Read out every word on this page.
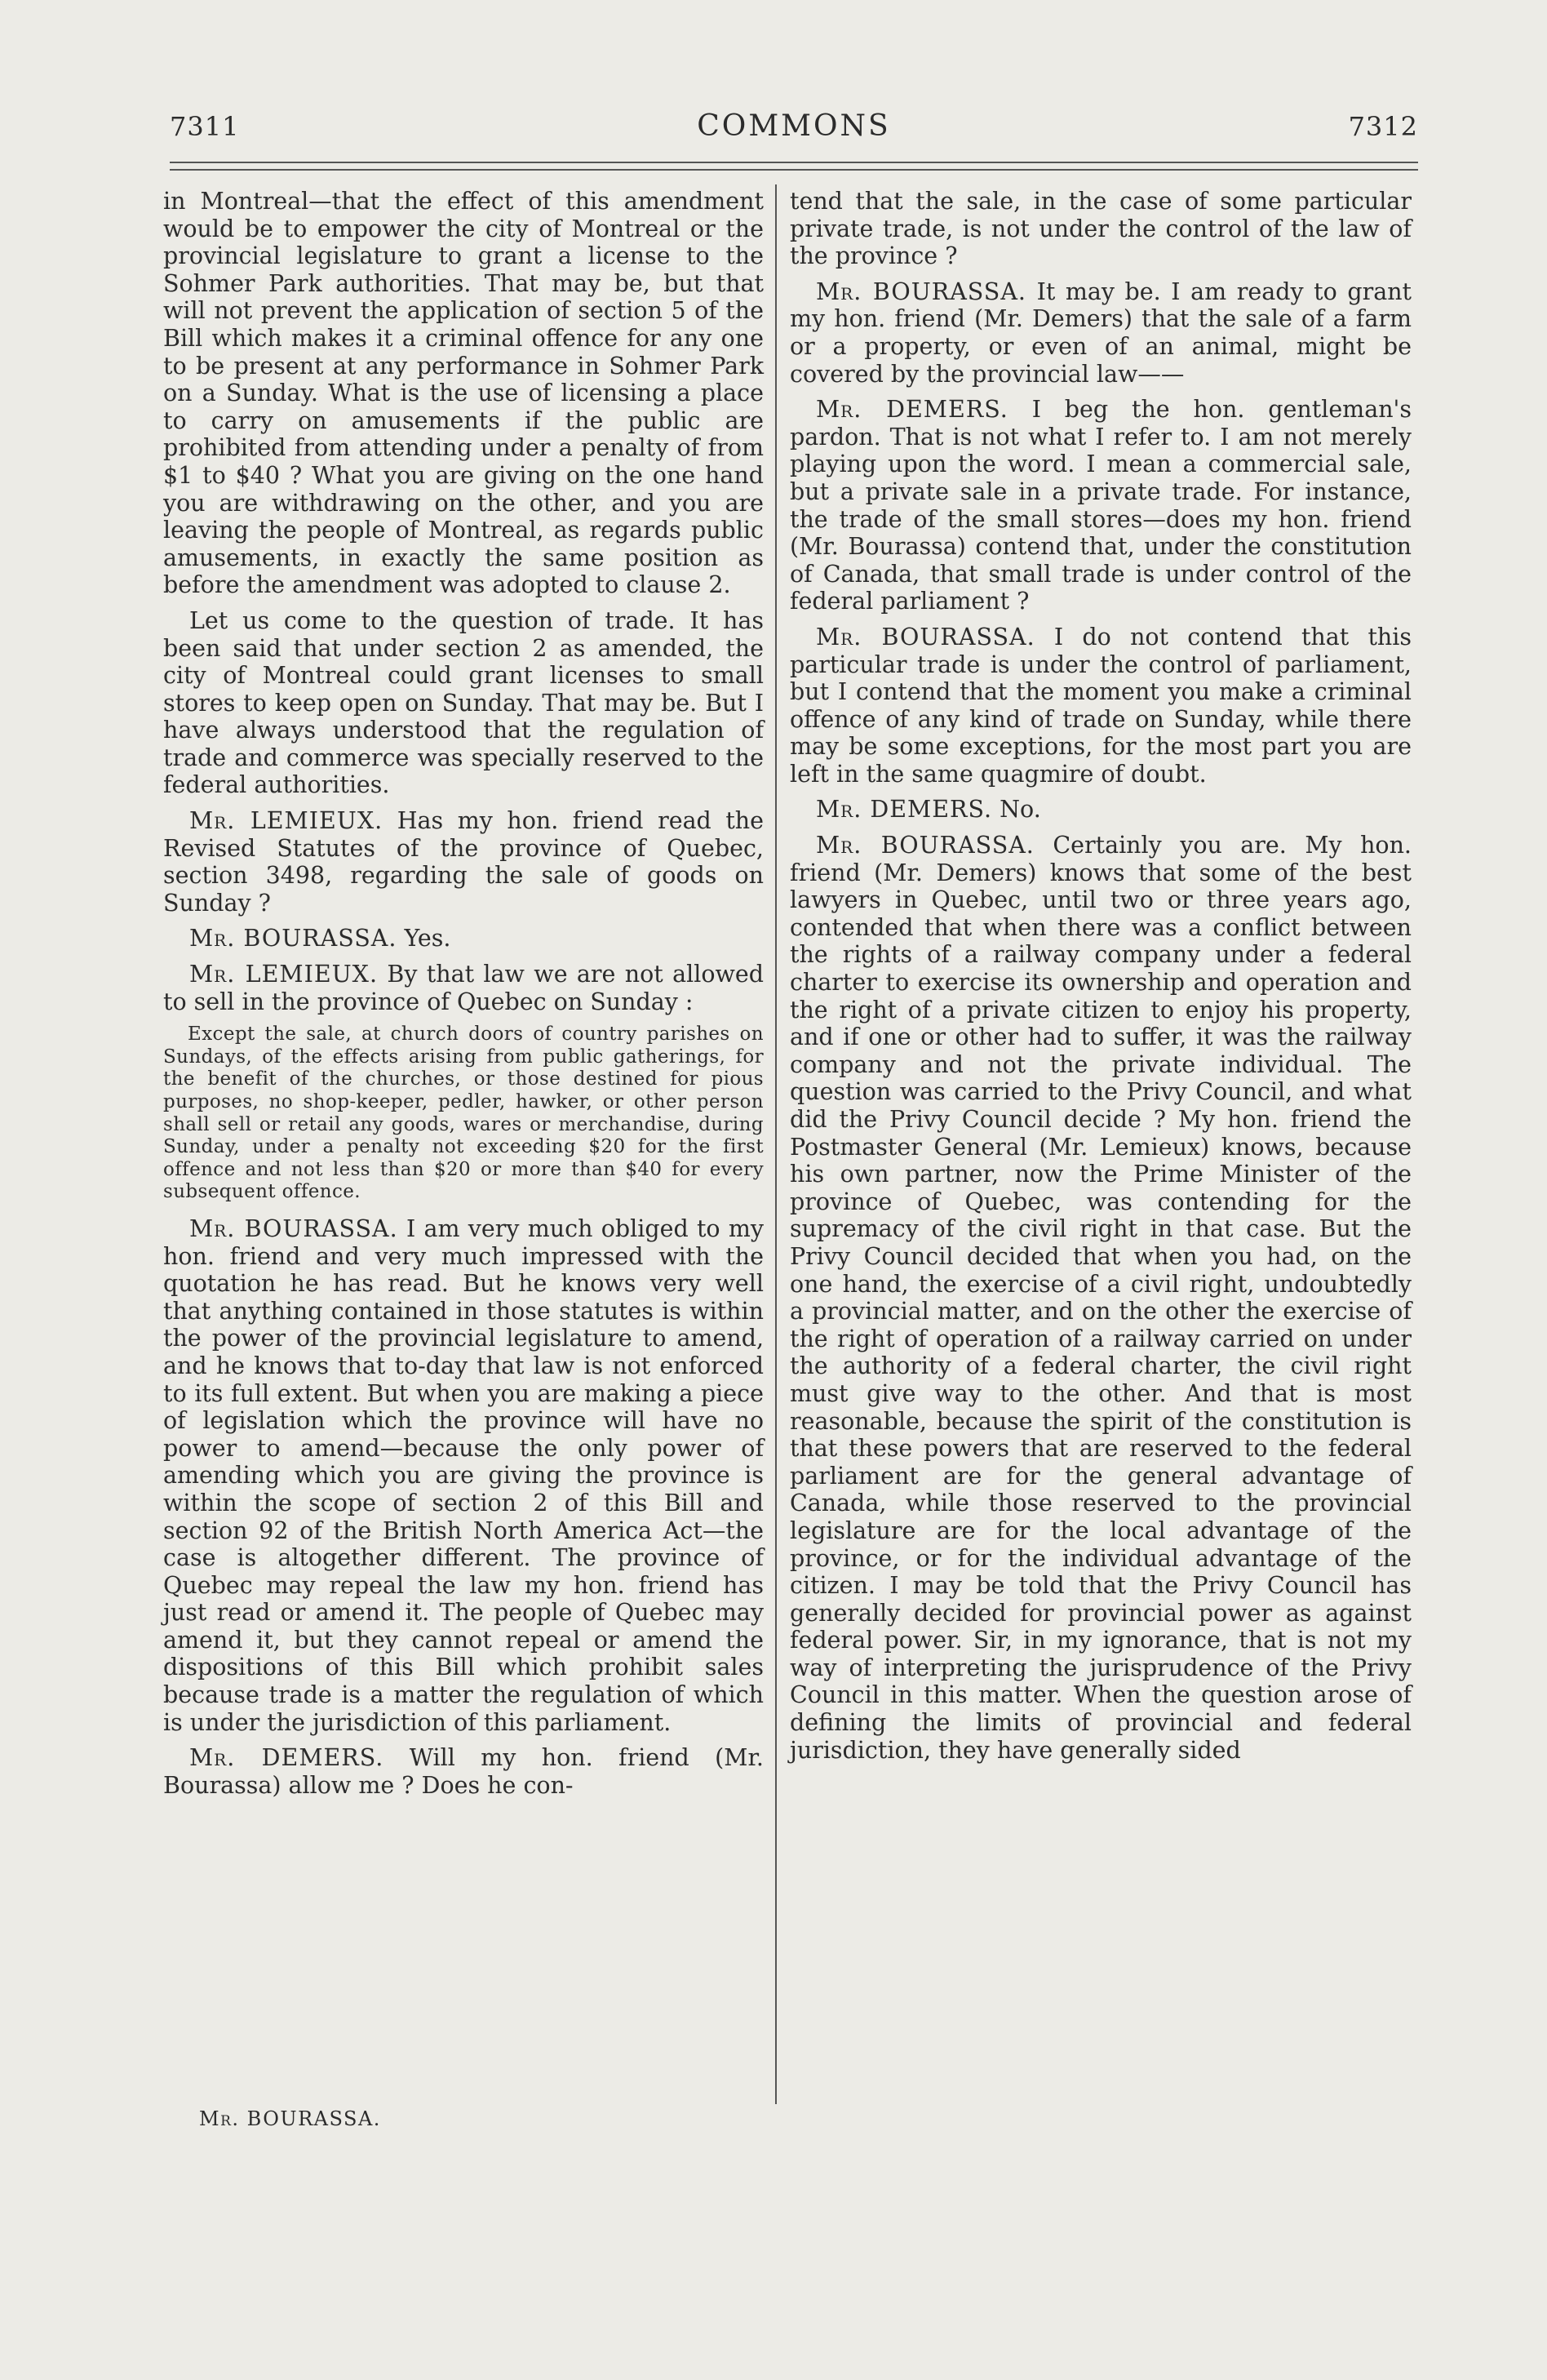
7311	COMMONS	7312

in Montreal—that the effect of this amendment would be to empower the city of Montreal or the provincial legislature to grant a license to the Sohmer Park authorities. That may be, but that will not prevent the application of section 5 of the Bill which makes it a criminal offence for any one to be present at any performance in Sohmer Park on a Sunday. What is the use of licensing a place to carry on amusements if the public are prohibited from attending under a penalty of from $1 to $40 ? What you are giving on the one hand you are withdrawing on the other, and you are leaving the people of Montreal, as regards public amusements, in exactly the same position as before the amendment was adopted to clause 2.

Let us come to the question of trade. It has been said that under section 2 as amended, the city of Montreal could grant licenses to small stores to keep open on Sunday. That may be. But I have always understood that the regulation of trade and commerce was specially reserved to the federal authorities.

Mr. LEMIEUX. Has my hon. friend read the Revised Statutes of the province of Quebec, section 3498, regarding the sale of goods on Sunday ?

Mr. BOURASSA. Yes.

Mr. LEMIEUX. By that law we are not allowed to sell in the province of Quebec on Sunday :

Except the sale, at church doors of country parishes on Sundays, of the effects arising from public gatherings, for the benefit of the churches, or those destined for pious purposes, no shop-keeper, pedler, hawker, or other person shall sell or retail any goods, wares or merchandise, during Sunday, under a penalty not exceeding $20 for the first offence and not less than $20 or more than $40 for every subsequent offence.

Mr. BOURASSA. I am very much obliged to my hon. friend and very much impressed with the quotation he has read. But he knows very well that anything contained in those statutes is within the power of the provincial legislature to amend, and he knows that to-day that law is not enforced to its full extent. But when you are making a piece of legislation which the province will have no power to amend—because the only power of amending which you are giving the province is within the scope of section 2 of this Bill and section 92 of the British North America Act—the case is altogether different. The province of Quebec may repeal the law my hon. friend has just read or amend it. The people of Quebec may amend it, but they cannot repeal or amend the dispositions of this Bill which prohibit sales because trade is a matter the regulation of which is under the jurisdiction of this parliament.

Mr. DEMERS. Will my hon. friend (Mr. Bourassa) allow me ? Does he con-

tend that the sale, in the case of some particular private trade, is not under the control of the law of the province ?

Mr. BOURASSA. It may be. I am ready to grant my hon. friend (Mr. Demers) that the sale of a farm or a property, or even of an animal, might be covered by the provincial law——

Mr. DEMERS. I beg the hon. gentleman's pardon. That is not what I refer to. I am not merely playing upon the word. I mean a commercial sale, but a private sale in a private trade. For instance, the trade of the small stores—does my hon. friend (Mr. Bourassa) contend that, under the constitution of Canada, that small trade is under control of the federal parliament ?

Mr. BOURASSA. I do not contend that this particular trade is under the control of parliament, but I contend that the moment you make a criminal offence of any kind of trade on Sunday, while there may be some exceptions, for the most part you are left in the same quagmire of doubt.

Mr. DEMERS. No.

Mr. BOURASSA. Certainly you are. My hon. friend (Mr. Demers) knows that some of the best lawyers in Quebec, until two or three years ago, contended that when there was a conflict between the rights of a railway company under a federal charter to exercise its ownership and operation and the right of a private citizen to enjoy his property, and if one or other had to suffer, it was the railway company and not the private individual. The question was carried to the Privy Council, and what did the Privy Council decide ? My hon. friend the Postmaster General (Mr. Lemieux) knows, because his own partner, now the Prime Minister of the province of Quebec, was contending for the supremacy of the civil right in that case. But the Privy Council decided that when you had, on the one hand, the exercise of a civil right, undoubtedly a provincial matter, and on the other the exercise of the right of operation of a railway carried on under the authority of a federal charter, the civil right must give way to the other. And that is most reasonable, because the spirit of the constitution is that these powers that are reserved to the federal parliament are for the general advantage of Canada, while those reserved to the provincial legislature are for the local advantage of the province, or for the individual advantage of the citizen. I may be told that the Privy Council has generally decided for provincial power as against federal power. Sir, in my ignorance, that is not my way of interpreting the jurisprudence of the Privy Council in this matter. When the question arose of defining the limits of provincial and federal jurisdiction, they have generally sided

Mr. BOURASSA.
